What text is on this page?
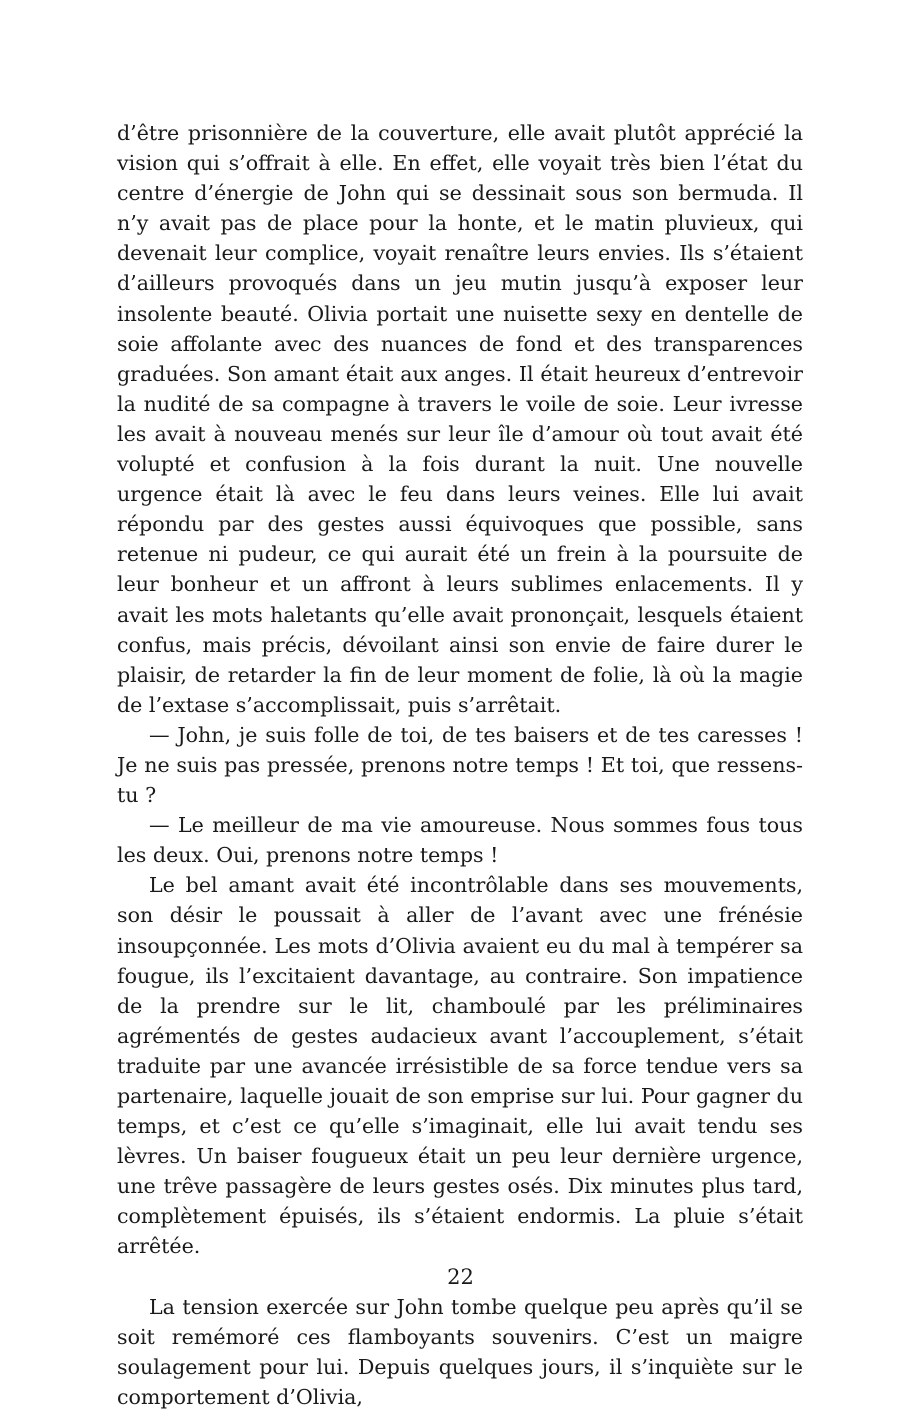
d’être prisonnière de la couverture, elle avait plutôt apprécié la vision qui s’offrait à elle. En effet, elle voyait très bien l’état du centre d’énergie de John qui se dessinait sous son bermuda. Il n’y avait pas de place pour la honte, et le matin pluvieux, qui devenait leur complice, voyait renaître leurs envies. Ils s’étaient d’ailleurs provoqués dans un jeu mutin jusqu’à exposer leur insolente beauté. Olivia portait une nuisette sexy en dentelle de soie affolante avec des nuances de fond et des transparences graduées. Son amant était aux anges. Il était heureux d’entrevoir la nudité de sa compagne à travers le voile de soie. Leur ivresse les avait à nouveau menés sur leur île d’amour où tout avait été volupté et confusion à la fois durant la nuit. Une nouvelle urgence était là avec le feu dans leurs veines. Elle lui avait répondu par des gestes aussi équivoques que possible, sans retenue ni pudeur, ce qui aurait été un frein à la poursuite de leur bonheur et un affront à leurs sublimes enlacements. Il y avait les mots haletants qu’elle avait prononçait, lesquels étaient confus, mais précis, dévoilant ainsi son envie de faire durer le plaisir, de retarder la fin de leur moment de folie, là où la magie de l’extase s’accomplissait, puis s’arrêtait.

— John, je suis folle de toi, de tes baisers et de tes caresses ! Je ne suis pas pressée, prenons notre temps ! Et toi, que ressens-tu ?

— Le meilleur de ma vie amoureuse. Nous sommes fous tous les deux. Oui, prenons notre temps !

Le bel amant avait été incontrôlable dans ses mouvements, son désir le poussait à aller de l’avant avec une frénésie insoupçonnée. Les mots d’Olivia avaient eu du mal à tempérer sa fougue, ils l’excitaient davantage, au contraire. Son impatience de la prendre sur le lit, chamboulé par les préliminaires agrémentés de gestes audacieux avant l’accouplement, s’était traduite par une avancée irrésistible de sa force tendue vers sa partenaire, laquelle jouait de son emprise sur lui. Pour gagner du temps, et c’est ce qu’elle s’imaginait, elle lui avait tendu ses lèvres. Un baiser fougueux était un peu leur dernière urgence, une trêve passagère de leurs gestes osés. Dix minutes plus tard, complètement épuisés, ils s’étaient endormis. La pluie s’était arrêtée.

La tension exercée sur John tombe quelque peu après qu’il se soit remémoré ces flamboyants souvenirs. C’est un maigre soulagement pour lui. Depuis quelques jours, il s’inquiète sur le comportement d’Olivia,

22
